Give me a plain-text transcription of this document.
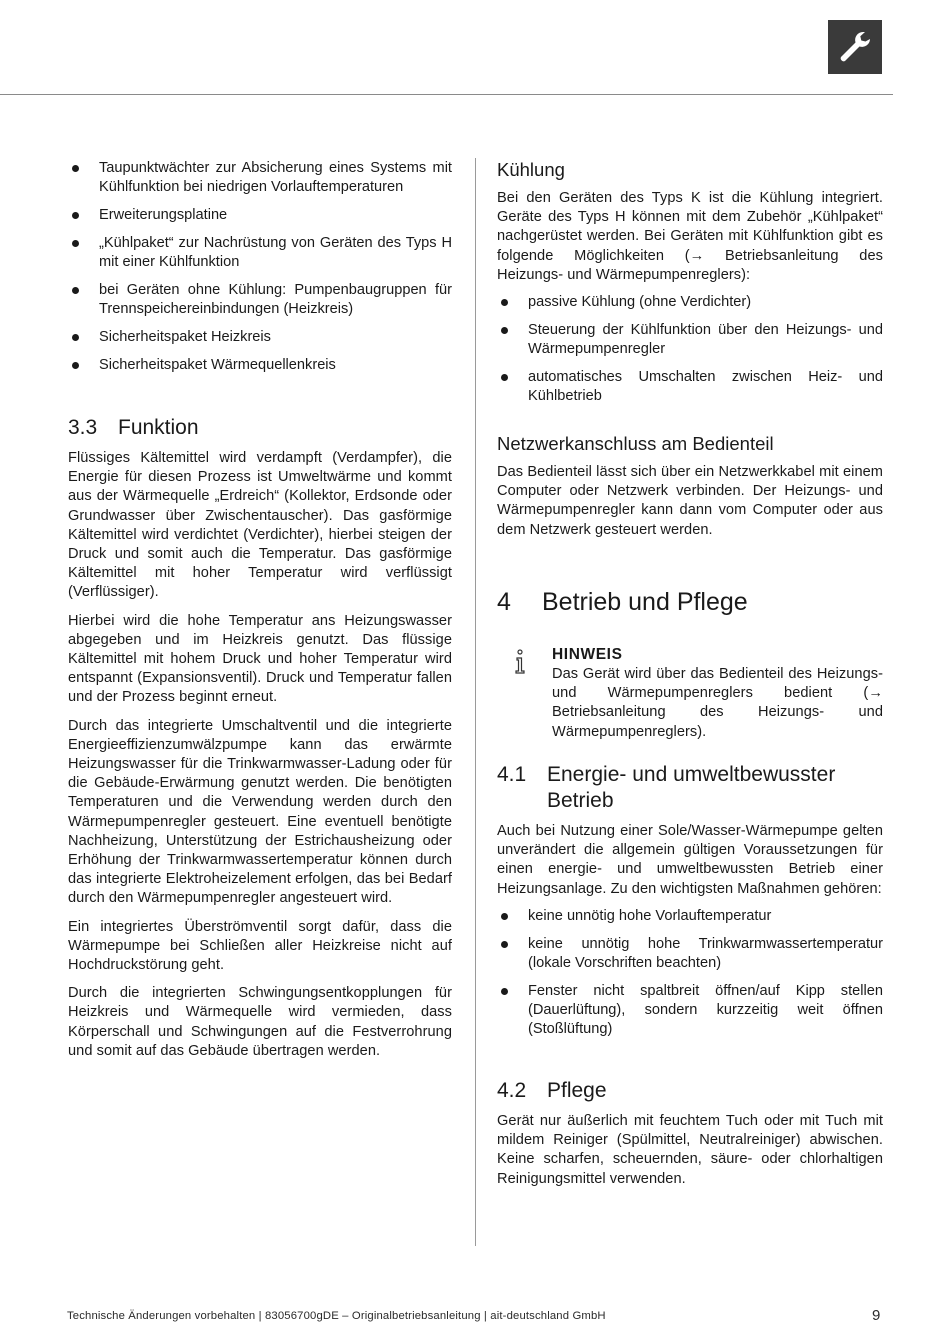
Taupunktwächter zur Absicherung eines Systems mit Kühlfunktion bei niedrigen Vorlauftemperaturen
Erweiterungsplatine
„Kühlpaket“ zur Nachrüstung von Geräten des Typs H mit einer Kühlfunktion
bei Geräten ohne Kühlung: Pumpenbaugruppen für Trennspeichereinbindungen (Heizkreis)
Sicherheitspaket Heizkreis
Sicherheitspaket Wärmequellenkreis
3.3 Funktion

Flüssiges Kältemittel wird verdampft (Verdampfer), die Energie für diesen Prozess ist Umweltwärme und kommt aus der Wärmequelle „Erdreich“ (Kollektor, Erdsonde oder Grundwasser über Zwischentauscher). Das gasförmige Kältemittel wird verdichtet (Verdichter), hierbei steigen der Druck und somit auch die Temperatur. Das gasförmige Kältemittel mit hoher Temperatur wird verflüssigt (Verflüssiger).

Hierbei wird die hohe Temperatur ans Heizungswasser abgegeben und im Heizkreis genutzt. Das flüssige Kältemittel mit hohem Druck und hoher Temperatur wird entspannt (Expansionsventil). Druck und Temperatur fallen und der Prozess beginnt erneut.

Durch das integrierte Umschaltventil und die integrierte Energieeffizienzumwälzpumpe kann das erwärmte Heizungswasser für die Trinkwarmwasser-Ladung oder für die Gebäude-Erwärmung genutzt werden. Die benötigten Temperaturen und die Verwendung werden durch den Wärmepumpenregler gesteuert. Eine eventuell benötigte Nachheizung, Unterstützung der Estrichausheizung oder Erhöhung der Trinkwarmwassertemperatur können durch das integrierte Elektroheizelement erfolgen, das bei Bedarf durch den Wärmepumpenregler angesteuert wird.

Ein integriertes Überströmventil sorgt dafür, dass die Wärmepumpe bei Schließen aller Heizkreise nicht auf Hochdruckstörung geht.

Durch die integrierten Schwingungsentkopplungen für Heizkreis und Wärmequelle wird vermieden, dass Körperschall und Schwingungen auf die Festverrohrung und somit auf das Gebäude übertragen werden.

Kühlung

Bei den Geräten des Typs K ist die Kühlung integriert. Geräte des Typs H können mit dem Zubehör „Kühlpaket“ nachgerüstet werden. Bei Geräten mit Kühlfunktion gibt es folgende Möglichkeiten (→ Betriebsanleitung des Heizungs- und Wärmepumpenreglers):

passive Kühlung (ohne Verdichter)
Steuerung der Kühlfunktion über den Heizungs- und Wärmepumpenregler
automatisches Umschalten zwischen Heiz- und Kühlbetrieb
Netzwerkanschluss am Bedienteil

Das Bedienteil lässt sich über ein Netzwerkkabel mit einem Computer oder Netzwerk verbinden. Der Heizungs- und Wärmepumpenregler kann dann vom Computer oder aus dem Netzwerk gesteuert werden.

4	Betrieb und Pflege
HINWEIS

Das Gerät wird über das Bedienteil des Heizungs- und Wärmepumpenreglers bedient (→ Betriebsanleitung des Heizungs- und Wärmepumpenreglers).

4.1 Energie- und umweltbewusster Betrieb

Auch bei Nutzung einer Sole/Wasser-Wärmepumpe gelten unverändert die allgemein gültigen Voraussetzungen für einen energie- und umweltbewussten Betrieb einer Heizungsanlage. Zu den wichtigsten Maßnahmen gehören:

keine unnötig hohe Vorlauftemperatur
keine unnötig hohe Trinkwarmwassertemperatur (lokale Vorschriften beachten)
Fenster nicht spaltbreit öffnen/auf Kipp stellen (Dauerlüftung), sondern kurzzeitig weit öffnen (Stoßlüftung)
4.2 Pflege

Gerät nur äußerlich mit feuchtem Tuch oder mit Tuch mit mildem Reiniger (Spülmittel, Neutralreiniger) abwischen. Keine scharfen, scheuernden, säure- oder chlorhaltigen Reinigungsmittel verwenden.

Technische Änderungen vorbehalten | 83056700gDE – Originalbetriebsanleitung | ait-deutschland GmbH	9
